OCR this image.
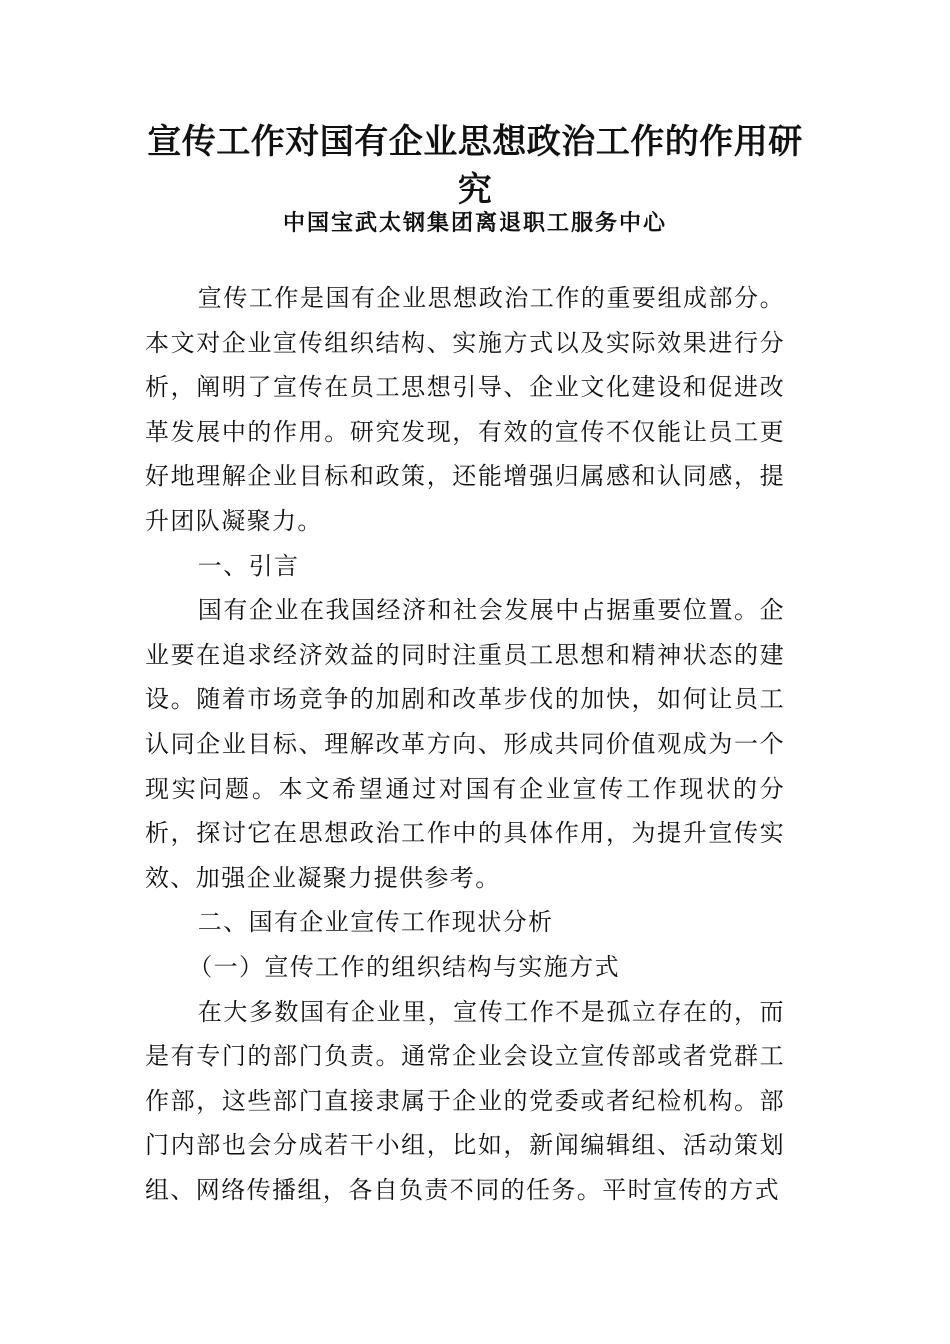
宣传工作对国有企业思想政治工作的作用研究
中国宝武太钢集团离退职工服务中心

宣传工作是国有企业思想政治工作的重要组成部分。本文对企业宣传组织结构、实施方式以及实际效果进行分析，阐明了宣传在员工思想引导、企业文化建设和促进改革发展中的作用。研究发现，有效的宣传不仅能让员工更好地理解企业目标和政策，还能增强归属感和认同感，提升团队凝聚力。

一、引言

国有企业在我国经济和社会发展中占据重要位置。企业要在追求经济效益的同时注重员工思想和精神状态的建设。随着市场竞争的加剧和改革步伐的加快，如何让员工认同企业目标、理解改革方向、形成共同价值观成为一个现实问题。本文希望通过对国有企业宣传工作现状的分析，探讨它在思想政治工作中的具体作用，为提升宣传实效、加强企业凝聚力提供参考。

二、国有企业宣传工作现状分析

（一）宣传工作的组织结构与实施方式

在大多数国有企业里，宣传工作不是孤立存在的，而是有专门的部门负责。通常企业会设立宣传部或者党群工作部，这些部门直接隶属于企业的党委或者纪检机构。部门内部也会分成若干小组，比如，新闻编辑组、活动策划组、网络传播组，各自负责不同的任务。平时宣传的方式
